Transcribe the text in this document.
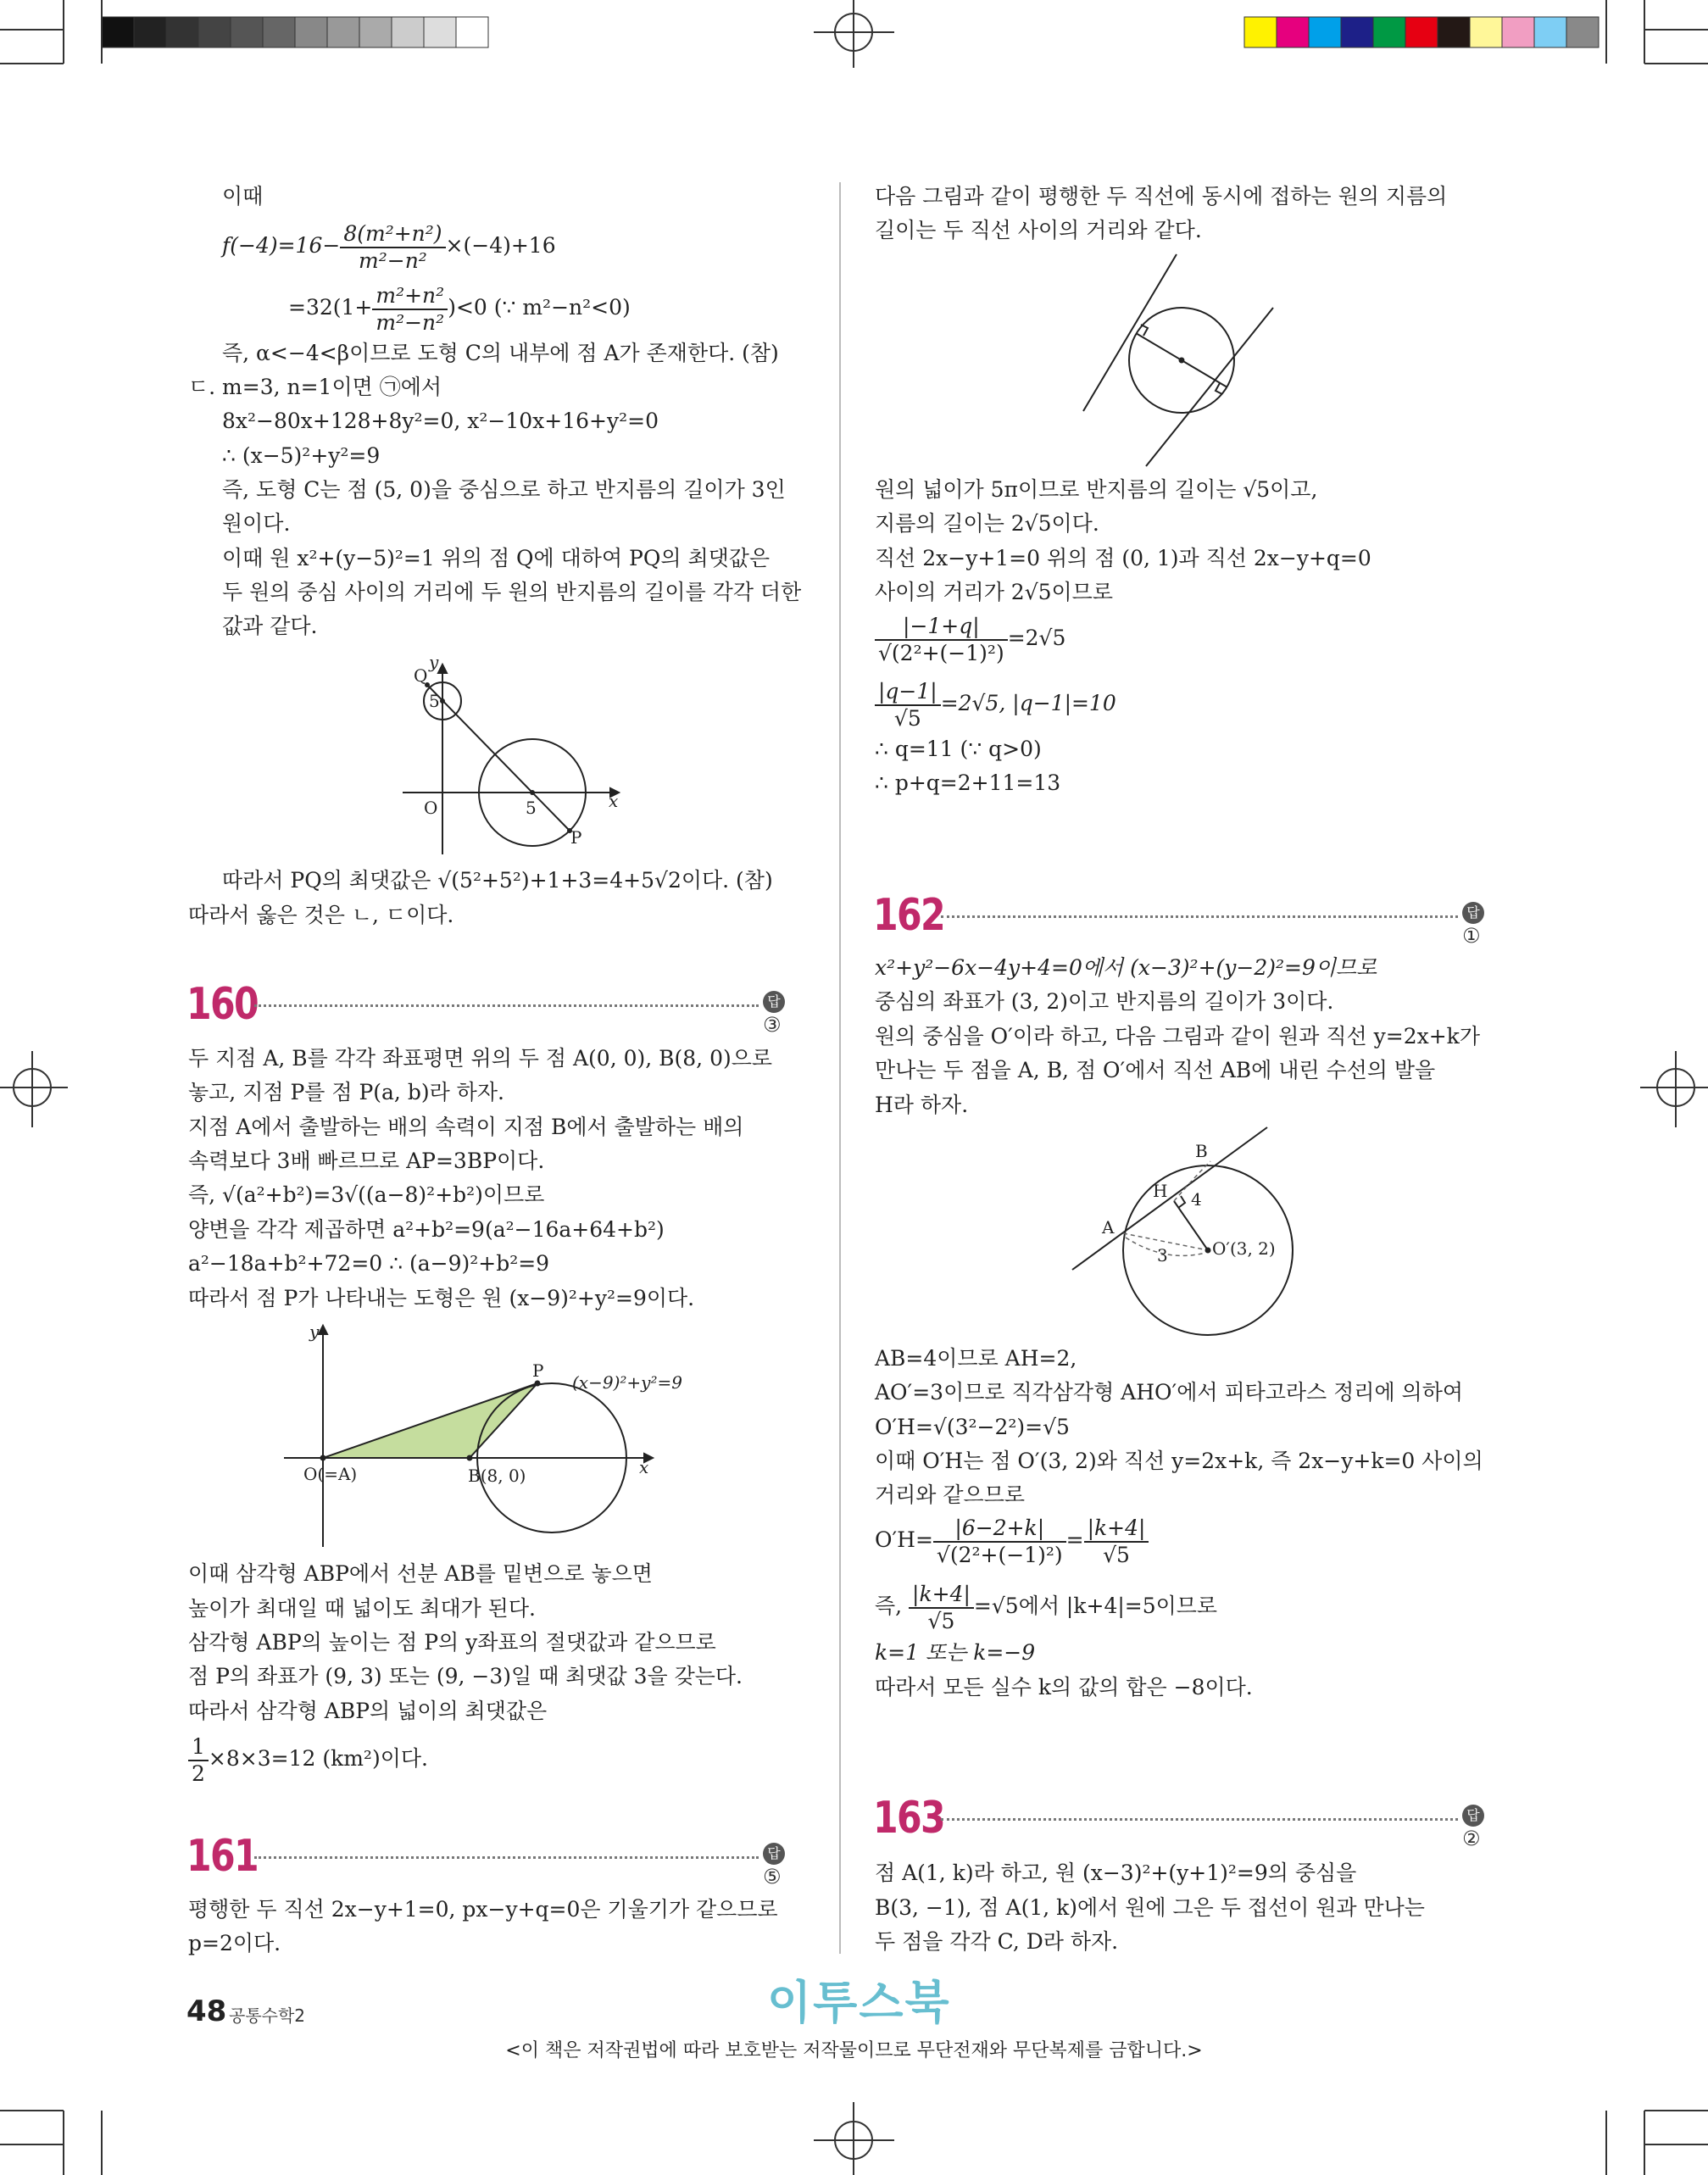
이때
$f(-4)=16- \frac{\text{8(m²+n²)}}{\text{m²−n²}} \times(-4)+16$
$=32(1+ \frac{\text{m²+n²}}{\text{m²−n²}} )<0$ (∵ m²−n²<0)
즉, α<−4<β이므로 도형 C의 내부에 점 A가 존재한다. (참)
ㄷ. m=3, n=1이면 ㉠에서
8x²−80x+128+8y²=0, x²−10x+16+y²=0
∴ (x−5)²+y²=9
즉, 도형 C는 점 (5, 0)을 중심으로 하고 반지름의 길이가 3인
원이다.
이때 원 x²+(y−5)²=1 위의 점 Q에 대하여 PQ의 최댓값은
두 원의 중심 사이의 거리에 두 원의 반지름의 길이를 각각 더한
값과 같다.
y
Q
5
O	5	x
P
따라서 PQ의 최댓값은 √(5²+5²)+1+3=4+5√2이다. (참)
따라서 옳은 것은 ㄴ, ㄷ이다.
160	답③
두 지점 A, B를 각각 좌표평면 위의 두 점 A(0, 0), B(8, 0)으로
놓고, 지점 P를 점 P(a, b)라 하자.
지점 A에서 출발하는 배의 속력이 지점 B에서 출발하는 배의
속력보다 3배 빠르므로 AP=3BP이다.
즉, √(a²+b²)=3√((a−8)²+b²)이므로
양변을 각각 제곱하면 a²+b²=9(a²−16a+64+b²)
a²−18a+b²+72=0 ∴ (a−9)²+b²=9
따라서 점 P가 나타내는 도형은 원 (x−9)²+y²=9이다.
y
P
(x−9)²+y²=9
O(=A)	B(8, 0)	x
이때 삼각형 ABP에서 선분 AB를 밑변으로 놓으면
높이가 최대일 때 넓이도 최대가 된다.
삼각형 ABP의 높이는 점 P의 y좌표의 절댓값과 같으므로
점 P의 좌표가 (9, 3) 또는 (9, −3)일 때 최댓값 3을 갖는다.
따라서 삼각형 ABP의 넓이의 최댓값은
$\frac{1}{2} \times 8\times 3=12$ (km²)이다.
161	답⑤
평행한 두 직선 2x−y+1=0, px−y+q=0은 기울기가 같으므로
p=2이다.
다음 그림과 같이 평행한 두 직선에 동시에 접하는 원의 지름의
길이는 두 직선 사이의 거리와 같다.
원의 넓이가 5π이므로 반지름의 길이는 √5이고,
지름의 길이는 2√5이다.
직선 2x−y+1=0 위의 점 (0, 1)과 직선 2x−y+q=0
사이의 거리가 2√5이므로
$\frac{|-1+q|}{\text{√(2²+(−1)²)}} =2√5$
$\frac{|q-1|}{√5} =2√5$, |q−1|=10
∴ q=11 (∵ q>0)
∴ p+q=2+11=13
162	답①
x²+y²−6x−4y+4=0에서 (x−3)²+(y−2)²=9이므로
중심의 좌표가 (3, 2)이고 반지름의 길이가 3이다.
원의 중심을 O′이라 하고, 다음 그림과 같이 원과 직선 y=2x+k가
만나는 두 점을 A, B, 점 O′에서 직선 AB에 내린 수선의 발을
H라 하자.
B
H 4
A
3	O′(3, 2)
AB=4이므로 AH=2,
AO′=3이므로 직각삼각형 AHO′에서 피타고라스 정리에 의하여
O′H=√(3²−2²)=√5
이때 O′H는 점 O′(3, 2)와 직선 y=2x+k, 즉 2x−y+k=0 사이의
거리와 같으므로
$O'H= \frac{|6-2+k|}{\text{√(2²+(−1)²)}} = \frac{|k+4|}{√5}$
즉, $\frac{|k+4|}{√5} =√5$에서 |k+4|=5이므로
k=1 또는 k=−9
따라서 모든 실수 k의 값의 합은 −8이다.
163	답②
점 A(1, k)라 하고, 원 (x−3)²+(y+1)²=9의 중심을
B(3, −1), 점 A(1, k)에서 원에 그은 두 접선이 원과 만나는
두 점을 각각 C, D라 하자.
48 공통수학2	이투스북
<이 책은 저작권법에 따라 보호받는 저작물이므로 무단전재와 무단복제를 금합니다.>
